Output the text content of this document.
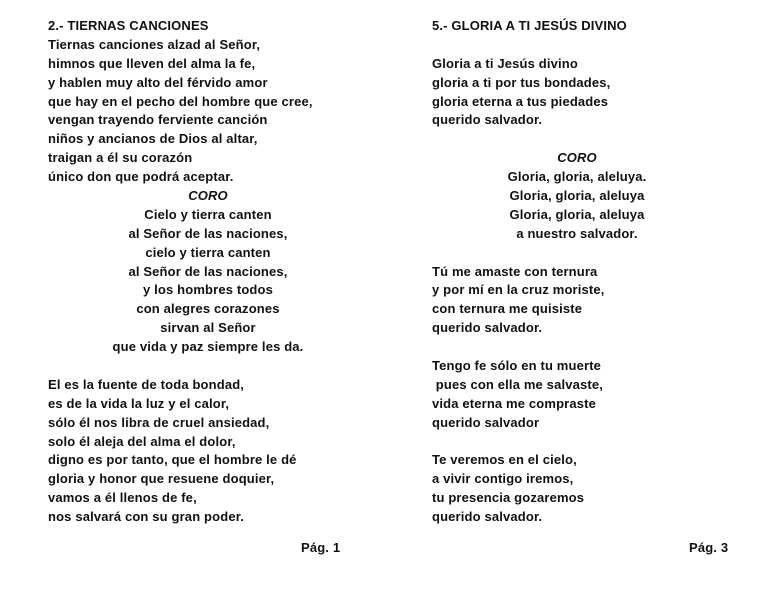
2.- TIERNAS CANCIONES
Tiernas canciones alzad al Señor,
himnos que lleven del alma la fe,
y hablen muy alto del férvido amor
que hay en el pecho del hombre que cree,
vengan trayendo ferviente canción
niños y ancianos de Dios al altar,
traigan a él su corazón
único don que podrá aceptar.
CORO
Cielo y tierra canten
al Señor de las naciones,
cielo y tierra canten
al Señor de las naciones,
y los hombres todos
con alegres corazones
sirvan al Señor
que vida y paz siempre les da.
El es la fuente de toda bondad,
es de la vida la luz y el calor,
sólo él nos libra de cruel ansiedad,
solo él aleja del alma el dolor,
digno es por tanto, que el hombre le dé
gloria y honor que resuene doquier,
vamos a él llenos de fe,
nos salvará con su gran poder.
Pág. 1
5.- GLORIA A TI JESÚS DIVINO
Gloria a ti Jesús divino
gloria a ti por tus bondades,
gloria eterna a tus piedades
querido salvador.
CORO
Gloria, gloria, aleluya.
Gloria, gloria, aleluya
Gloria, gloria, aleluya
a nuestro salvador.
Tú me amaste con ternura
y por mí en la cruz moriste,
con ternura me quisiste
querido salvador.
Tengo fe sólo en tu muerte
pues con ella me salvaste,
vida eterna me compraste
querido salvador
Te veremos en el cielo,
a vivir contigo iremos,
tu presencia gozaremos
querido salvador.
Pág. 3
